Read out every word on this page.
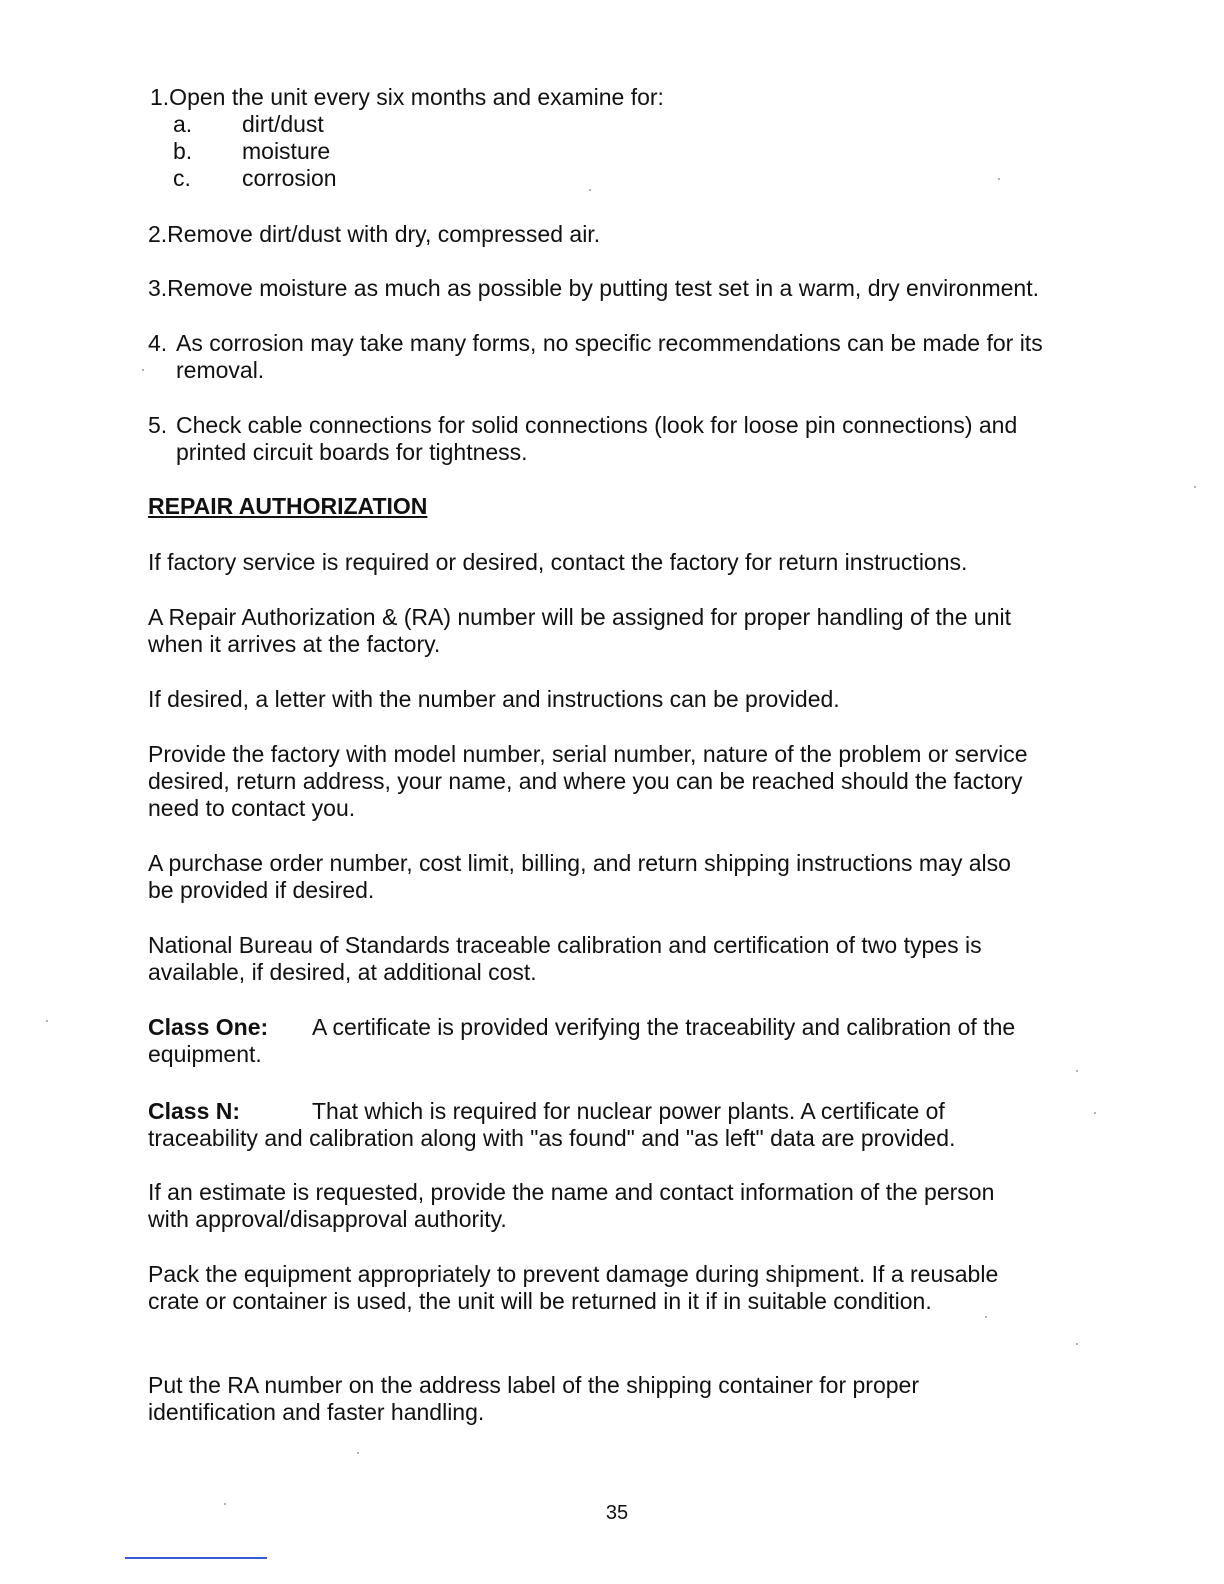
1.Open the unit every six months and examine for:
a. dirt/dust
b. moisture
c. corrosion
2.Remove dirt/dust with dry, compressed air.
3.Remove moisture as much as possible by putting test set in a warm, dry environment.
4. As corrosion may take many forms, no specific recommendations can be made for its
removal.
5. Check cable connections for solid connections (look for loose pin connections) and
printed circuit boards for tightness.
REPAIR AUTHORIZATION
If factory service is required or desired, contact the factory for return instructions.
A Repair Authorization & (RA) number will be assigned for proper handling of the unit
when it arrives at the factory.
If desired, a letter with the number and instructions can be provided.
Provide the factory with model number, serial number, nature of the problem or service
desired, return address, your name, and where you can be reached should the factory
need to contact you.
A purchase order number, cost limit, billing, and return shipping instructions may also
be provided if desired.
National Bureau of Standards traceable calibration and certification of two types is
available, if desired, at additional cost.
Class One: A certificate is provided verifying the traceability and calibration of the
equipment.
Class N:	That which is required for nuclear power plants. A certificate of
traceability and calibration along with "as found" and "as left" data are provided.
If an estimate is requested, provide the name and contact information of the person
with approval/disapproval authority.
Pack the equipment appropriately to prevent damage during shipment. If a reusable
crate or container is used, the unit will be returned in it if in suitable condition.
Put the RA number on the address label of the shipping container for proper
identification and faster handling.
35
